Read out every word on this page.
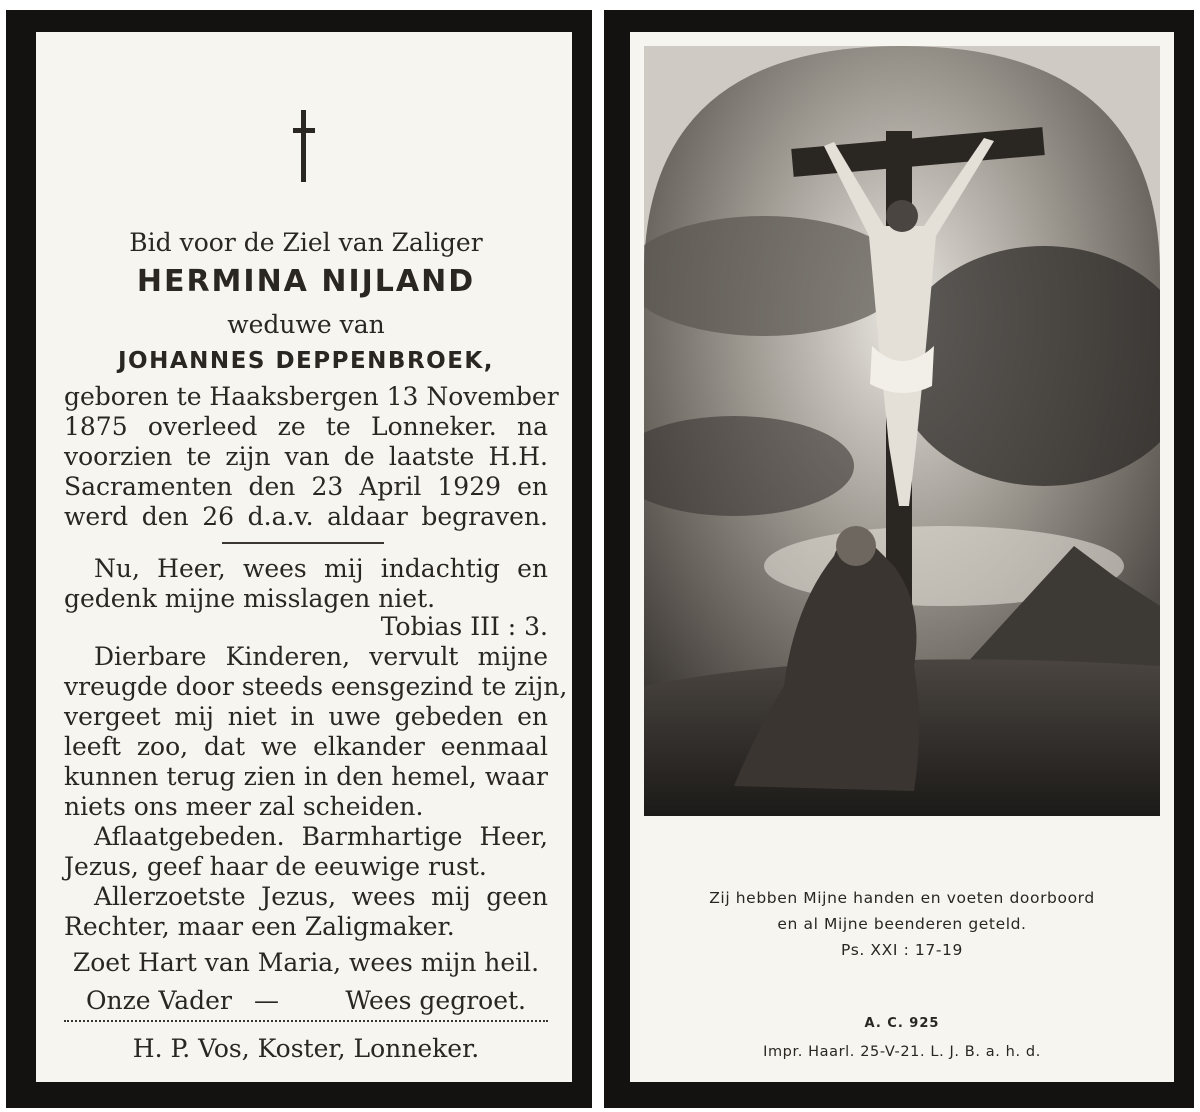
Bid voor de Ziel van Zaliger
HERMINA NIJLAND
weduwe van
JOHANNES DEPPENBROEK,
geboren te Haaksbergen 13 November
1875 overleed ze te Lonneker. na
voorzien te zijn van de laatste H.H.
Sacramenten den 23 April 1929 en
werd den 26 d.a.v. aldaar begraven.
Nu, Heer, wees mij indachtig en
gedenk mijne misslagen niet.
Tobias III : 3.
Dierbare Kinderen, vervult mijne
vreugde door steeds eensgezind te zijn,
vergeet mij niet in uwe gebeden en
leeft zoo, dat we elkander eenmaal
kunnen terug zien in den hemel, waar
niets ons meer zal scheiden.
Aflaatgebeden. Barmhartige Heer,
Jezus, geef haar de eeuwige rust.
Allerzoetste Jezus, wees mij geen
Rechter, maar een Zaligmaker.
Zoet Hart van Maria, wees mijn heil.
Onze Vader —	Wees gegroet.
H. P. Vos, Koster, Lonneker.
Zij hebben Mijne handen en voeten doorboord
en al Mijne beenderen geteld.
Ps. XXI : 17-19
A. C. 925
Impr. Haarl. 25-V-21. L. J. B. a. h. d.
